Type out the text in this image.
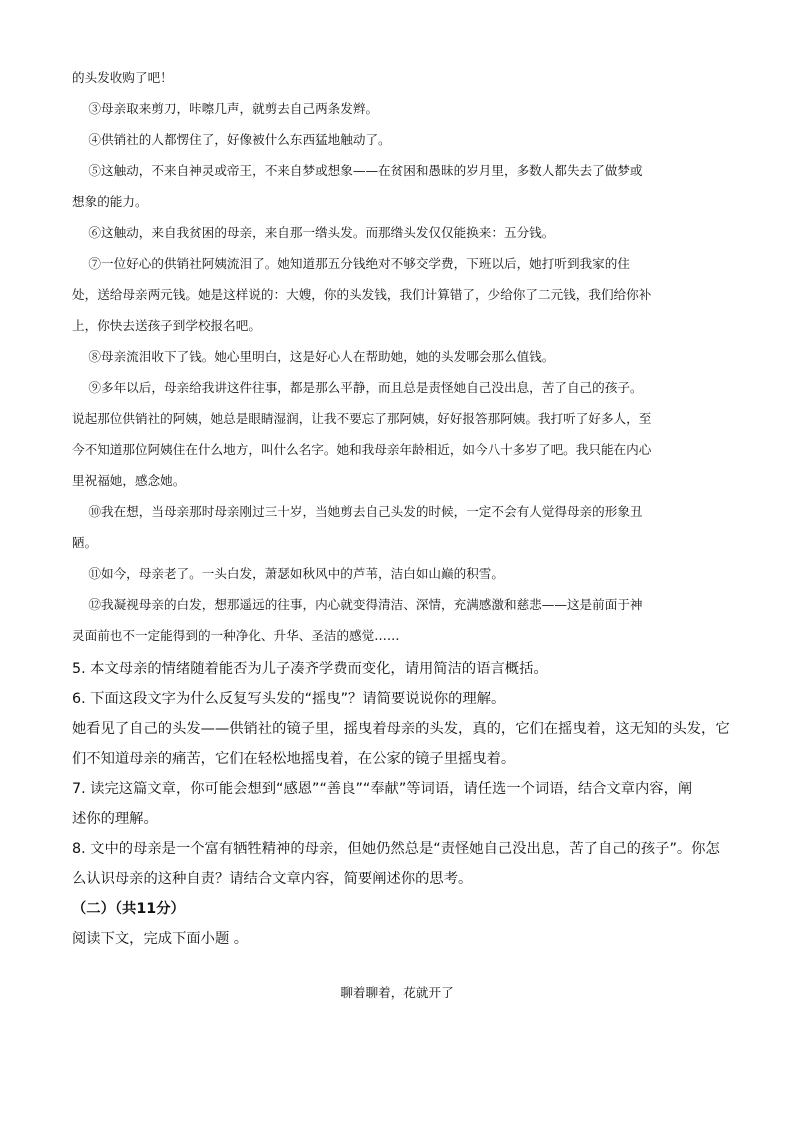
的头发收购了吧！

③母亲取来剪刀，咔嚓几声，就剪去自己两条发辫。

④供销社的人都愣住了，好像被什么东西猛地触动了。

⑤这触动，不来自神灵或帝王，不来自梦或想象——在贫困和愚昧的岁月里，多数人都失去了做梦或

想象的能力。

⑥这触动，来自我贫困的母亲，来自那一绺头发。而那绺头发仅仅能换来：五分钱。

⑦一位好心的供销社阿姨流泪了。她知道那五分钱绝对不够交学费，下班以后，她打听到我家的住

处，送给母亲两元钱。她是这样说的：大嫂，你的头发钱，我们计算错了，少给你了二元钱，我们给你补

上，你快去送孩子到学校报名吧。

⑧母亲流泪收下了钱。她心里明白，这是好心人在帮助她，她的头发哪会那么值钱。

⑨多年以后，母亲给我讲这件往事，都是那么平静，而且总是责怪她自己没出息，苦了自己的孩子。

说起那位供销社的阿姨，她总是眼睛湿润，让我不要忘了那阿姨，好好报答那阿姨。我打听了好多人，至

今不知道那位阿姨住在什么地方，叫什么名字。她和我母亲年龄相近，如今八十多岁了吧。我只能在内心

里祝福她，感念她。

⑩我在想，当母亲那时母亲刚过三十岁，当她剪去自己头发的时候，一定不会有人觉得母亲的形象丑

陋。

⑪如今，母亲老了。一头白发，萧瑟如秋风中的芦苇，洁白如山巅的积雪。

⑫我凝视母亲的白发，想那遥远的往事，内心就变得清洁、深情，充满感激和慈悲——这是前面于神

灵面前也不一定能得到的一种净化、升华、圣洁的感觉……

5. 本文母亲的情绪随着能否为儿子凑齐学费而变化，请用简洁的语言概括。

6. 下面这段文字为什么反复写头发的“摇曳”？请简要说说你的理解。

她看见了自己的头发——供销社的镜子里，摇曳着母亲的头发，真的，它们在摇曳着，这无知的头发，它

们不知道母亲的痛苦，它们在轻松地摇曳着，在公家的镜子里摇曳着。

7. 读完这篇文章，你可能会想到“感恩”“善良”“奉献”等词语，请任选一个词语，结合文章内容，阐

述你的理解。

8. 文中的母亲是一个富有牺牲精神的母亲，但她仍然总是“责怪她自己没出息，苦了自己的孩子”。你怎

么认识母亲的这种自责？请结合文章内容，简要阐述你的思考。

（二）（共11分）

阅读下文，完成下面小题 。

聊着聊着，花就开了
